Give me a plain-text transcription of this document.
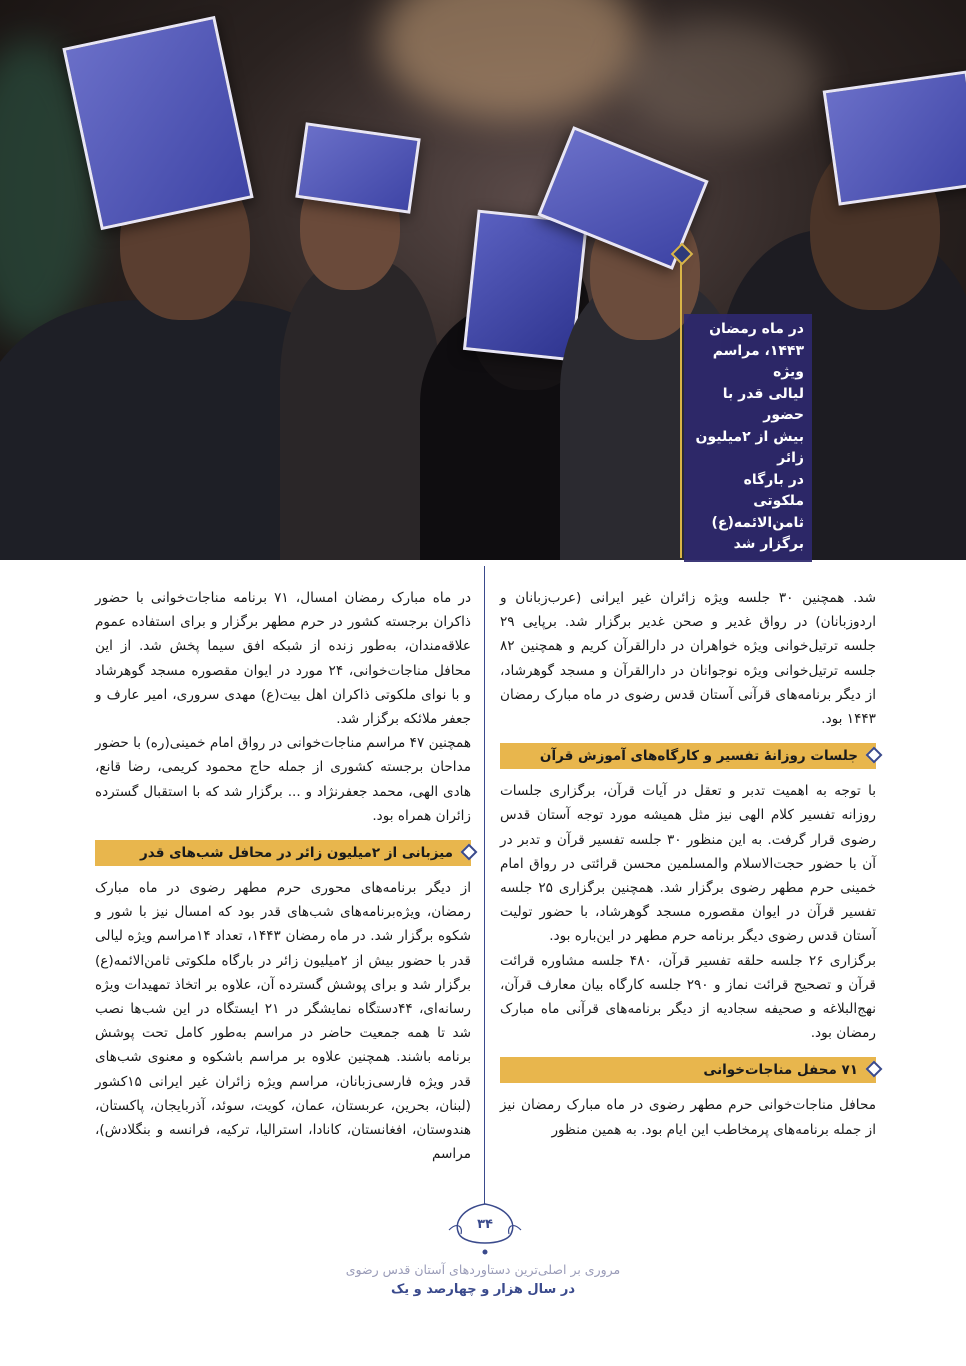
در ماه رمضان
۱۴۴۳، مراسم ویژه
لیالی قدر با حضور
بیش از ۲میلیون زائر
در بارگاه ملکوتی
ثامن‌الائمه(ع)
برگزار شد

شد. همچنین ۳۰ جلسه ویژه زائران غیر ایرانی (عرب‌زبانان و اردوزبانان) در رواق غدیر و صحن غدیر برگزار شد. برپایی ۲۹ جلسه ترتیل‌خوانی ویژه خواهران در دارالقرآن کریم و همچنین ۸۲ جلسه ترتیل‌خوانی ویژه نوجوانان در دارالقرآن و مسجد گوهرشاد، از دیگر برنامه‌های قرآنی آستان قدس رضوی در ماه مبارک رمضان ۱۴۴۳ بود.

جلسات روزانهٔ تفسیر و کارگاه‌های آموزش قرآن

با توجه به اهمیت تدبر و تعقل در آیات قرآن، برگزاری جلسات روزانه تفسیر کلام الهی نیز مثل همیشه مورد توجه آستان قدس رضوی قرار گرفت. به این منظور ۳۰ جلسه تفسیر قرآن و تدبر در آن با حضور حجت‌الاسلام والمسلمین محسن قرائتی در رواق امام خمینی حرم مطهر رضوی برگزار شد. همچنین برگزاری ۲۵ جلسه تفسیر قرآن در ایوان مقصوره مسجد گوهرشاد، با حضور تولیت آستان قدس رضوی دیگر برنامه حرم مطهر در این‌باره بود.

برگزاری ۲۶ جلسه حلقه تفسیر قرآن، ۴۸۰ جلسه مشاوره قرائت قرآن و تصحیح قرائت نماز و ۲۹۰ جلسه کارگاه بیان معارف قرآن، نهج‌البلاغه و صحیفه سجادیه از دیگر برنامه‌های قرآنی ماه مبارک رمضان بود.

۷۱ محفل مناجات‌خوانی

محافل مناجات‌خوانی حرم مطهر رضوی در ماه مبارک رمضان نیز از جمله برنامه‌های پرمخاطب این ایام بود. به همین منظور

در ماه مبارک رمضان امسال، ۷۱ برنامه مناجات‌خوانی با حضور ذاکران برجسته کشور در حرم مطهر برگزار و برای استفاده عموم علاقه‌مندان، به‌طور زنده از شبکه افق سیما پخش شد. از این محافل مناجات‌خوانی، ۲۴ مورد در ایوان مقصوره مسجد گوهرشاد و با نوای ملکوتی ذاکران اهل بیت(ع) مهدی سروری، امیر عارف و جعفر ملائکه برگزار شد.

همچنین ۴۷ مراسم مناجات‌خوانی در رواق امام خمینی(ره) با حضور مداحان برجسته کشوری از جمله حاج محمود کریمی، رضا قانع، هادی الهی، محمد جعفرنژاد و ... برگزار شد که با استقبال گسترده زائران همراه بود.

میزبانی از ۲میلیون زائر در محافل شب‌های قدر

از دیگر برنامه‌های محوری حرم مطهر رضوی در ماه مبارک رمضان، ویژه‌برنامه‌های شب‌های قدر بود که امسال نیز با شور و شکوه برگزار شد. در ماه رمضان ۱۴۴۳، تعداد ۱۴مراسم ویژه لیالی قدر با حضور بیش از ۲میلیون زائر در بارگاه ملکوتی ثامن‌الائمه(ع) برگزار شد و برای پوشش گسترده آن، علاوه بر اتخاذ تمهیدات ویژه رسانه‌ای، ۴۴دستگاه نمایشگر در ۲۱ ایستگاه در این شب‌ها نصب شد تا همه جمعیت حاضر در مراسم به‌طور کامل تحت پوشش برنامه باشند. همچنین علاوه بر مراسم باشکوه و معنوی شب‌های قدر ویژه فارسی‌زبانان، مراسم ویژه زائران غیر ایرانی ۱۵کشور (لبنان، بحرین، عربستان، عمان، کویت، سوئد، آذربایجان، پاکستان، هندوستان، افغانستان، کانادا، استرالیا، ترکیه، فرانسه و بنگلادش)، مراسم

۳۴
مروری بر اصلی‌ترین دستاوردهای آستان قدس رضوی
در سال هزار و چهارصد و یک
